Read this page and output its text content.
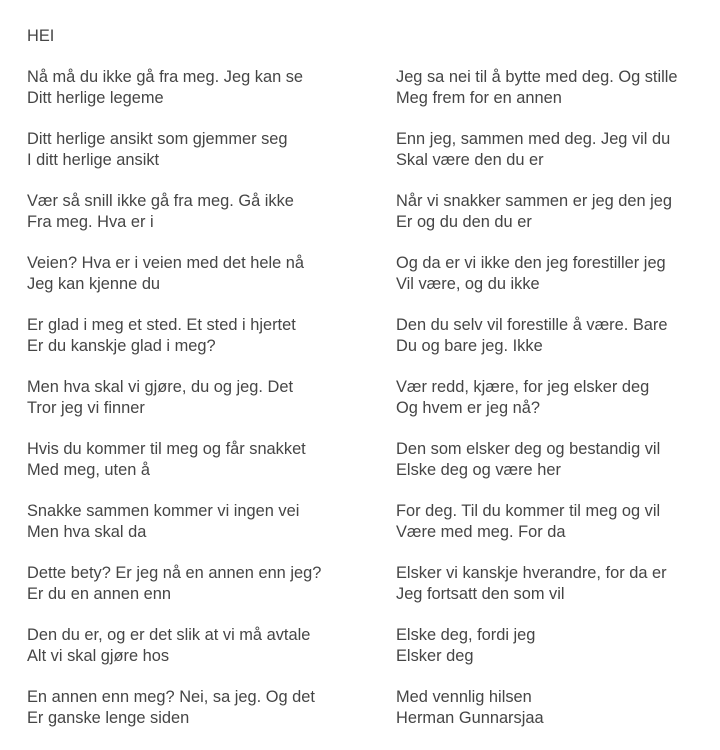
HEI

Nå må du ikke gå fra meg. Jeg kan se
Ditt herlige legeme

Ditt herlige ansikt som gjemmer seg
I ditt herlige ansikt

Vær så snill ikke gå fra meg. Gå ikke
Fra meg. Hva er i

Veien? Hva er i veien med det hele nå
Jeg kan kjenne du

Er glad i meg et sted. Et sted i hjertet
Er du kanskje glad i meg?

Men hva skal vi gjøre, du og jeg. Det
Tror jeg vi finner

Hvis du kommer til meg og får snakket
Med meg, uten å

Snakke sammen kommer vi ingen vei
Men hva skal da

Dette bety? Er jeg nå en annen enn jeg?
Er du en annen enn

Den du er, og er det slik at vi må avtale
Alt vi skal gjøre hos

En annen enn meg? Nei, sa jeg. Og det
Er ganske lenge siden

Jeg sa nei til å bytte med deg. Og stille
Meg frem for en annen

Enn jeg, sammen med deg. Jeg vil du
Skal være den du er

Når vi snakker sammen er jeg den jeg
Er og du den du er

Og da er vi ikke den jeg forestiller jeg
Vil være, og du ikke

Den du selv vil forestille å være. Bare
Du og bare jeg. Ikke

Vær redd, kjære, for jeg elsker deg
Og hvem er jeg nå?

Den som elsker deg og bestandig vil
Elske deg og være her

For deg. Til du kommer til meg og vil
Være med meg. For da

Elsker vi kanskje hverandre, for da er
Jeg fortsatt den som vil

Elske deg, fordi jeg
Elsker deg

Med vennlig hilsen
Herman Gunnarsjaa
